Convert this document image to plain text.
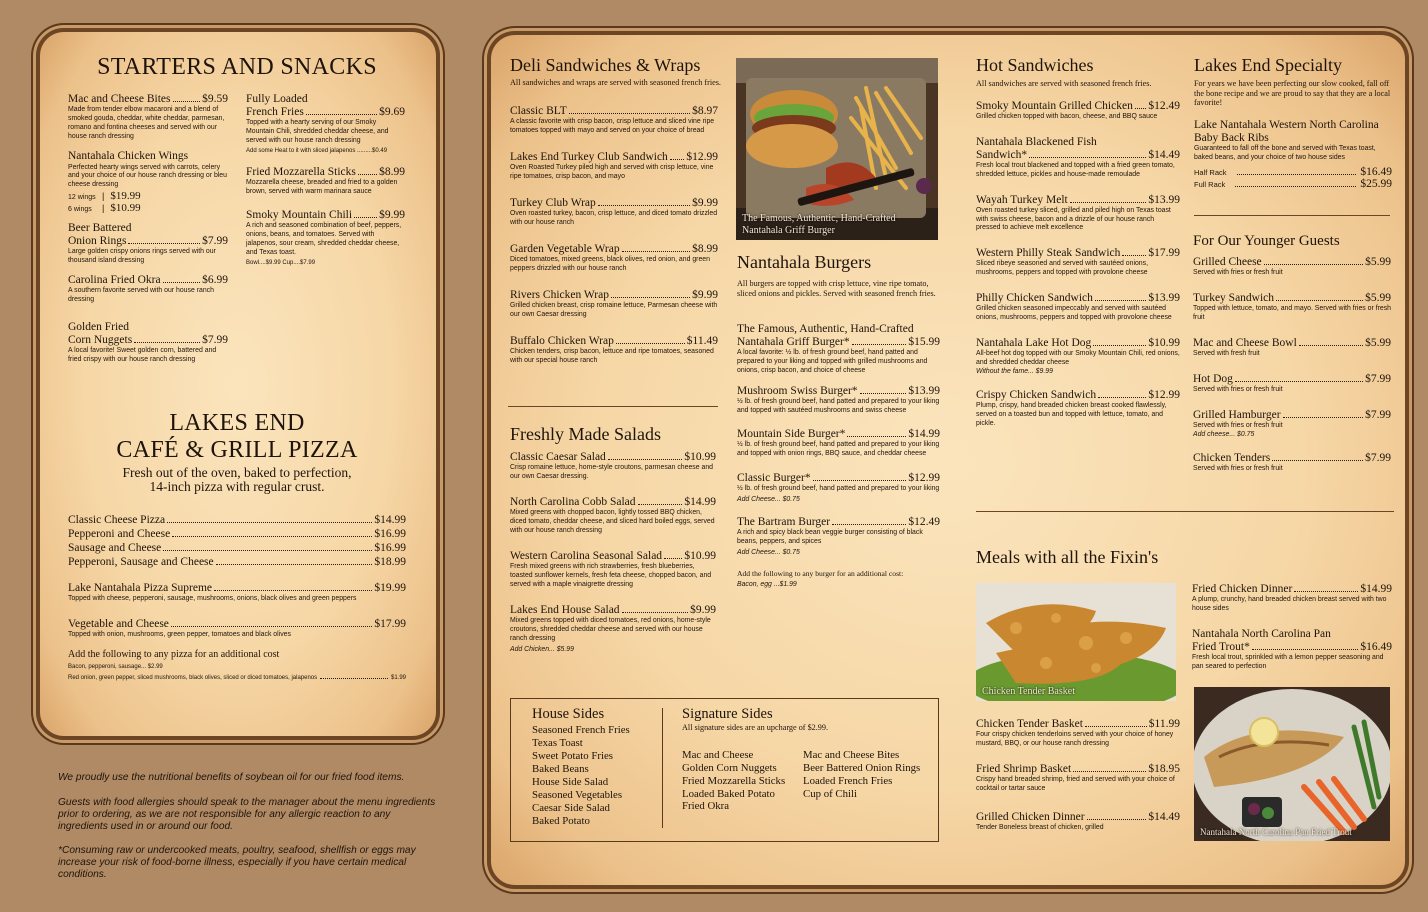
STARTERS AND SNACKS
Mac and Cheese Bites	$9.59
Made from tender elbow macaroni and a blend of smoked gouda, cheddar, white cheddar, parmesan, romano and fontina cheeses and served with our house ranch dressing
Nantahala Chicken Wings
Perfected hearty wings served with carrots, celery and your choice of our house ranch dressing or bleu cheese dressing
12 wings | $19.99
6 wings	| $10.99
Beer Battered
Onion Rings	$7.99
Large golden crispy onions rings served with our thousand island dressing
Carolina Fried Okra	$6.99
A southern favorite served with our house ranch dressing
Golden Fried
Corn Nuggets	$7.99
A local favorite! Sweet golden corn, battered and fried crispy with our house ranch dressing
Fully Loaded
French Fries	$9.69
Topped with a hearty serving of our Smoky Mountain Chili, shredded cheddar cheese, and served with our house ranch dressing
Add some Heat to it with sliced jalapenos .........$0.49
Fried Mozzarella Sticks $8.99
Mozzarella cheese, breaded and fried to a golden brown, served with warm marinara sauce
Smoky Mountain Chili $9.99
A rich and seasoned combination of beef, peppers, onions, beans, and tomatoes. Served with jalapenos, sour cream, shredded cheddar cheese, and Texas toast.
Bowl....$9.99 Cup....$7.99
LAKES END
CAFÉ & GRILL PIZZA
Fresh out of the oven, baked to perfection,
14-inch pizza with regular crust.
Classic Cheese Pizza	$14.99
Pepperoni and Cheese	$16.99
Sausage and Cheese	$16.99
Pepperoni, Sausage and Cheese	$18.99
Lake Nantahala Pizza Supreme	$19.99
Topped with cheese, pepperoni, sausage, mushrooms, onions, black olives and green peppers
Vegetable and Cheese	$17.99
Topped with onion, mushrooms, green pepper, tomatoes and black olives
Add the following to any pizza for an additional cost
Bacon, pepperoni, sausage... $2.99
Red onion, green pepper, sliced mushrooms, black olives, sliced or diced tomatoes, jalapenos	$1.99
We proudly use the nutritional benefits of soybean oil for our fried food items.
Guests with food allergies should speak to the manager about the menu ingredients prior to ordering, as we are not responsible for any allergic reaction to any ingredients used in or around our food.
*Consuming raw or undercooked meats, poultry, seafood, shellfish or eggs may increase your risk of food-borne illness, especially if you have certain medical conditions.
Deli Sandwiches & Wraps
All sandwiches and wraps are served with seasoned french fries.
Classic BLT	$8.97
A classic favorite with crisp bacon, crisp lettuce and sliced vine ripe tomatoes topped with mayo and served on your choice of bread
Lakes End Turkey Club Sandwich $12.99
Oven Roasted Turkey piled high and served with crisp lettuce, vine ripe tomatoes, crisp bacon, and mayo
Turkey Club Wrap	$9.99
Oven roasted turkey, bacon, crisp lettuce, and diced tomato drizzled with our house ranch
Garden Vegetable Wrap	$8.99
Diced tomatoes, mixed greens, black olives, red onion, and green peppers drizzled with our house ranch
Rivers Chicken Wrap	$9.99
Grilled chicken breast, crisp romaine lettuce, Parmesan cheese with our own Caesar dressing
Buffalo Chicken Wrap	$11.49
Chicken tenders, crisp bacon, lettuce and ripe tomatoes, seasoned with our special house ranch
The Famous, Authentic, Hand-Crafted Nantahala Griff Burger
Nantahala Burgers
All burgers are topped with crisp lettuce, vine ripe tomato, sliced onions and pickles. Served with seasoned french fries.
The Famous, Authentic, Hand-Crafted
Nantahala Griff Burger*	$15.99
A local favorite: ½ lb. of fresh ground beef, hand patted and prepared to your liking and topped with grilled mushrooms and onions, crisp bacon, and choice of cheese
Mushroom Swiss Burger*	$13.99
½ lb. of fresh ground beef, hand patted and prepared to your liking and topped with sautéed mushrooms and swiss cheese
Mountain Side Burger*	$14.99
½ lb. of fresh ground beef, hand patted and prepared to your liking and topped with onion rings, BBQ sauce, and cheddar cheese
Classic Burger*	$12.99
½ lb. of fresh ground beef, hand patted and prepared to your liking
Add Cheese... $0.75
The Bartram Burger	$12.49
A rich and spicy black bean veggie burger consisting of black beans, peppers, and spices
Add Cheese... $0.75
Add the following to any burger for an additional cost:
Bacon, egg ...$1.99
Freshly Made Salads
Classic Caesar Salad	$10.99
Crisp romaine lettuce, home-style croutons, parmesan cheese and our own Caesar dressing.
North Carolina Cobb Salad	$14.99
Mixed greens with chopped bacon, lightly tossed BBQ chicken, diced tomato, cheddar cheese, and sliced hard boiled eggs, served with our house ranch dressing
Western Carolina Seasonal Salad $10.99
Fresh mixed greens with rich strawberries, fresh blueberries, toasted sunflower kernels, fresh feta cheese, chopped bacon, and served with a maple vinaigrette dressing
Lakes End House Salad	$9.99
Mixed greens topped with diced tomatoes, red onions, home-style croutons, shredded cheddar cheese and served with our house ranch dressing
Add Chicken... $5.99
House Sides
Seasoned French Fries
Texas Toast
Sweet Potato Fries
Baked Beans
House Side Salad
Seasoned Vegetables
Caesar Side Salad
Baked Potato
Signature Sides
All signature sides are an upcharge of $2.99.
Mac and Cheese
Golden Corn Nuggets
Fried Mozzarella Sticks
Loaded Baked Potato
Fried Okra
Mac and Cheese Bites
Beer Battered Onion Rings
Loaded French Fries
Cup of Chili
Hot Sandwiches
All sandwiches are served with seasoned french fries.
Smoky Mountain Grilled Chicken $12.49
Grilled chicken topped with bacon, cheese, and BBQ sauce
Nantahala Blackened Fish
Sandwich*	$14.49
Fresh local trout blackened and topped with a fried green tomato, shredded lettuce, pickles and house-made remoulade
Wayah Turkey Melt	$13.99
Oven roasted turkey sliced, grilled and piled high on Texas toast with swiss cheese, bacon and a drizzle of our house ranch pressed to achieve melt excellence
Western Philly Steak Sandwich $17.99
Sliced ribeye seasoned and served with sautéed onions, mushrooms, peppers and topped with provolone cheese
Philly Chicken Sandwich	$13.99
Grilled chicken seasoned impeccably and served with sautéed onions, mushrooms, peppers and topped with provolone cheese
Nantahala Lake Hot Dog	$10.99
All-beef hot dog topped with our Smoky Mountain Chili, red onions, and shredded cheddar cheese
Without the fame... $9.99
Crispy Chicken Sandwich	$12.99
Plump, crispy, hand breaded chicken breast cooked flawlessly, served on a toasted bun and topped with lettuce, tomato, and pickle.
Lakes End Specialty
For years we have been perfecting our slow cooked, fall off the bone recipe and we are proud to say that they are a local favorite!
Lake Nantahala Western North Carolina
Baby Back Ribs
Guaranteed to fall off the bone and served with Texas toast, baked beans, and your choice of two house sides
Half Rack	$16.49
Full Rack	$25.99
For Our Younger Guests
Grilled Cheese	$5.99
Served with fries or fresh fruit
Turkey Sandwich	$5.99
Topped with lettuce, tomato, and mayo. Served with fries or fresh fruit
Mac and Cheese Bowl	$5.99
Served with fresh fruit
Hot Dog	$7.99
Served with fries or fresh fruit
Grilled Hamburger	$7.99
Served with fries or fresh fruit
Add cheese... $0.75
Chicken Tenders	$7.99
Served with fries or fresh fruit
Meals with all the Fixin's
Chicken Tender Basket
Fried Chicken Dinner	$14.99
A plump, crunchy, hand breaded chicken breast served with two house sides
Nantahala North Carolina Pan
Fried Trout*	$16.49
Fresh local trout, sprinkled with a lemon pepper seasoning and pan seared to perfection
Nantahala North Carolina Pan Fried Trout
Chicken Tender Basket	$11.99
Four crispy chicken tenderloins served with your choice of honey mustard, BBQ, or our house ranch dressing
Fried Shrimp Basket	$18.95
Crispy hand breaded shrimp, fried and served with your choice of cocktail or tartar sauce
Grilled Chicken Dinner	$14.49
Tender Boneless breast of chicken, grilled
